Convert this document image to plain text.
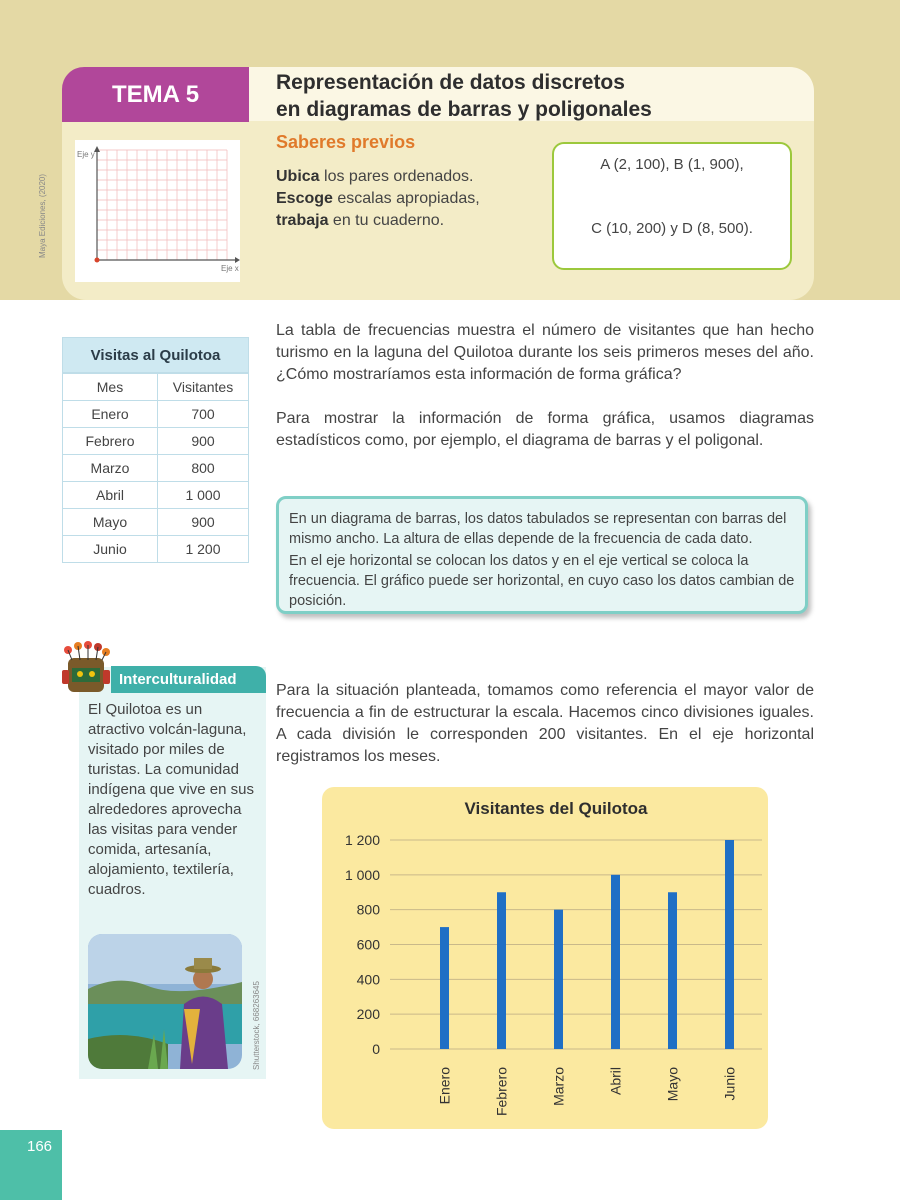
TEMA 5	Representación de datos discretos
en diagramas de barras y poligonales
Saberes previos
Ubica los pares ordenados.
Escoge escalas apropiadas,
trabaja en tu cuaderno.
A (2, 100), B (1, 900),
C (10, 200) y D (8, 500).
Eje y
Eje x
Maya Ediciones, (2020)
Visitas al Quilotoa
Mes	Visitantes
Enero	700
Febrero	900
Marzo	800
Abril	1 000
Mayo	900
Junio	1 200
La tabla de frecuencias muestra el número de visitantes que han hecho turismo en la laguna del Quilotoa durante los seis primeros meses del año. ¿Cómo mostraríamos esta información de forma gráfica?
Para mostrar la información de forma gráfica, usamos diagramas estadísticos como, por ejemplo, el diagrama de barras y el poligonal.

En un diagrama de barras, los datos tabulados se representan con barras del mismo ancho. La altura de ellas depende de la frecuencia de cada dato.

En el eje horizontal se colocan los datos y en el eje vertical se coloca la frecuencia. El gráfico puede ser horizontal, en cuyo caso los datos cambian de posición.

Para la situación planteada, tomamos como referencia el mayor valor de frecuencia a fin de estructurar la escala. Hacemos cinco divisiones iguales. A cada división le corresponden 200 visitantes. En el eje horizontal registramos los meses.
Interculturalidad
El Quilotoa es un atractivo volcán-laguna, visitado por miles de turistas. La comunidad indígena que vive en sus alrededores aprovecha las visitas para vender comida, artesanía, alojamiento, textilería, cuadros.
Shutterstock, 668263645
Visitantes del Quilotoa
0
200
400
600
800
1 000
1 200
Enero	Febrero	Marzo	Abril	Mayo	Junio
166
